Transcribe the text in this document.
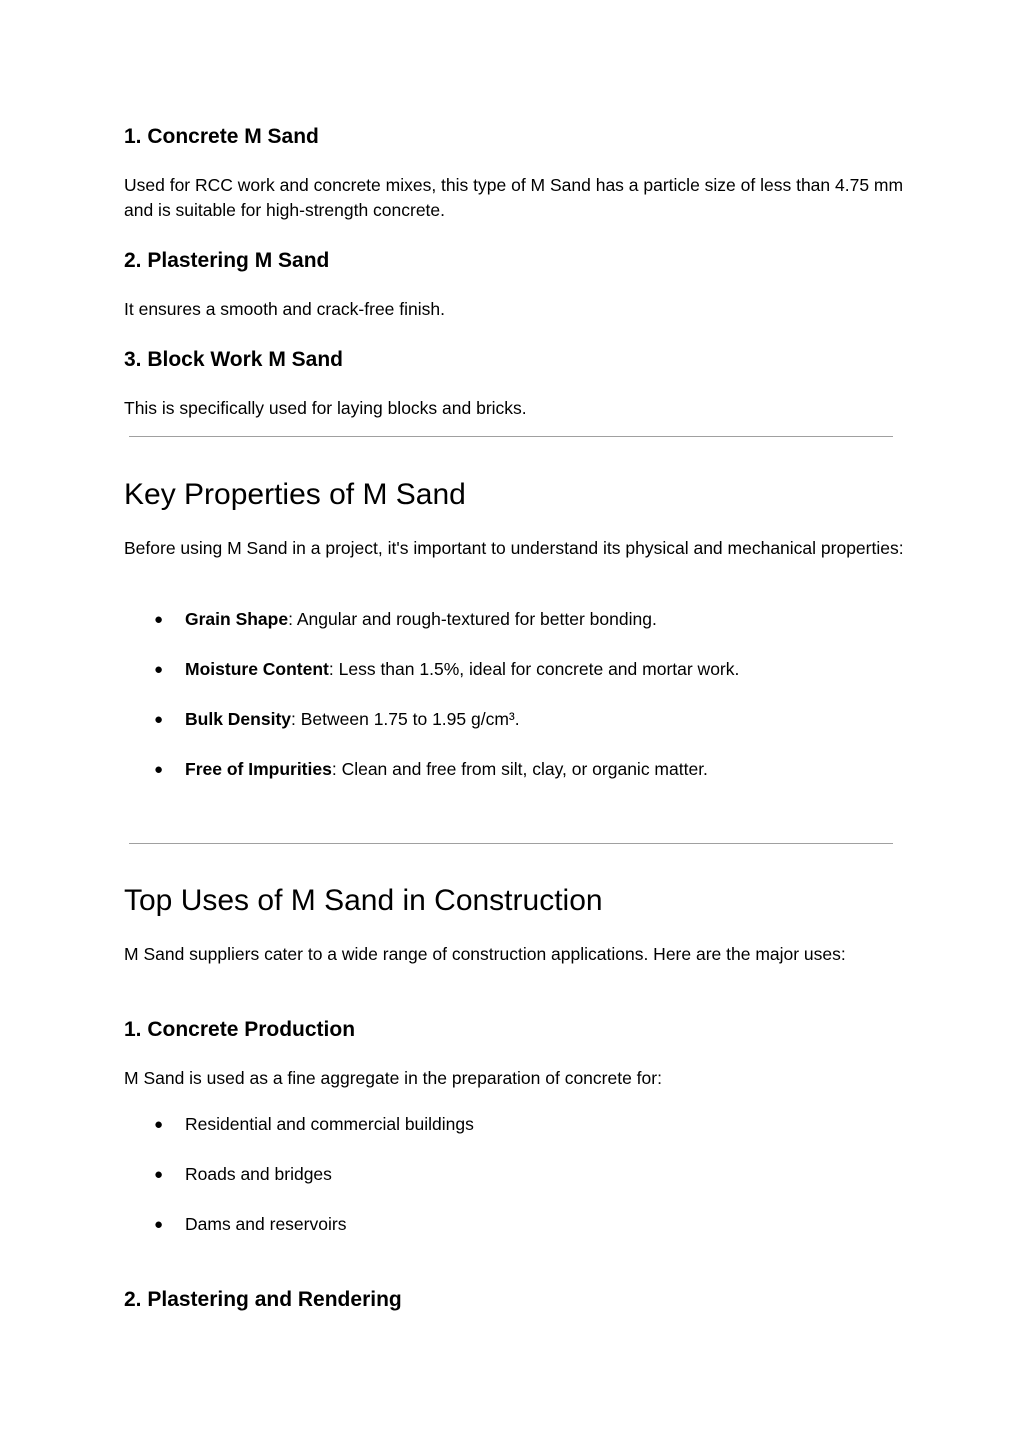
1. Concrete M Sand

Used for RCC work and concrete mixes, this type of M Sand has a particle size of less than 4.75 mm and is suitable for high-strength concrete.

2. Plastering M Sand

It ensures a smooth and crack-free finish.

3. Block Work M Sand

This is specifically used for laying blocks and bricks.

Key Properties of M Sand

Before using M Sand in a project, it's important to understand its physical and mechanical properties:

● Grain Shape: Angular and rough-textured for better bonding.
● Moisture Content: Less than 1.5%, ideal for concrete and mortar work.
● Bulk Density: Between 1.75 to 1.95 g/cm³.
● Free of Impurities: Clean and free from silt, clay, or organic matter.
Top Uses of M Sand in Construction

M Sand suppliers cater to a wide range of construction applications. Here are the major uses:

1. Concrete Production

M Sand is used as a fine aggregate in the preparation of concrete for:

● Residential and commercial buildings
● Roads and bridges
● Dams and reservoirs
2. Plastering and Rendering
